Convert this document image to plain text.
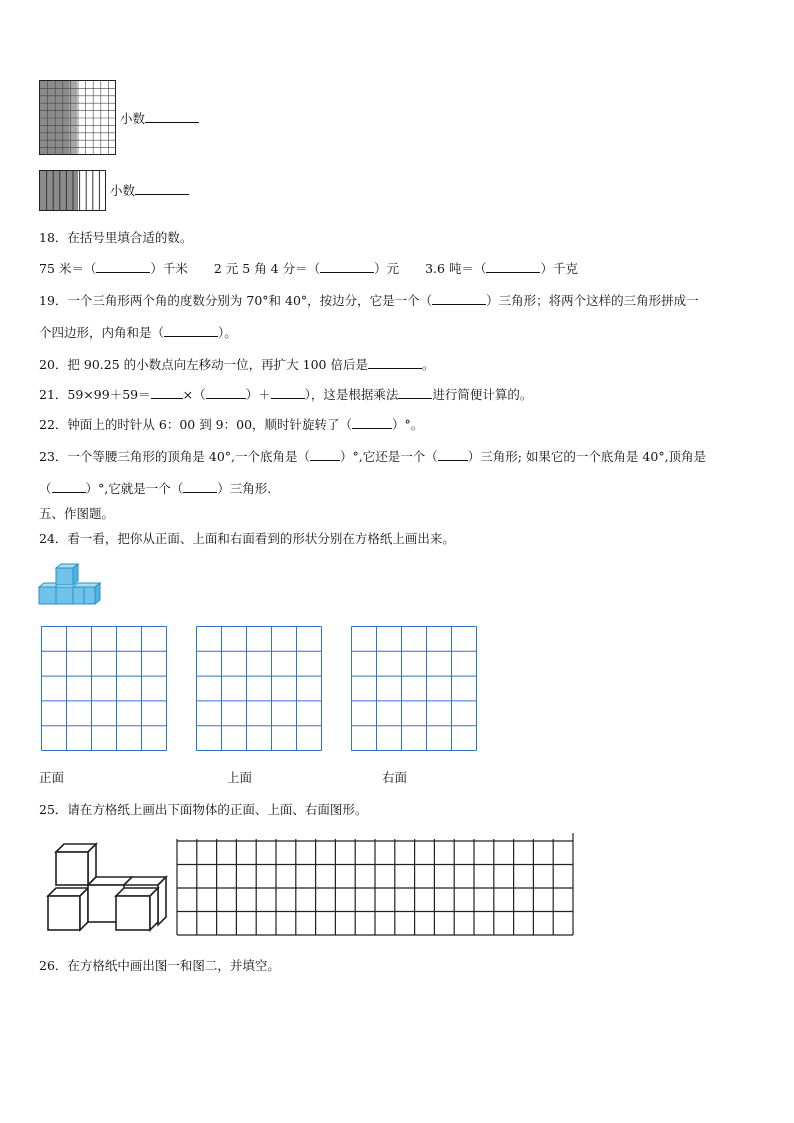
小数
小数
18．在括号里填合适的数。
75 米＝（	）千米 2 元 5 角 4 分＝（	）元 3.6 吨＝（	）千克
19．一个三角形两个角的度数分别为 70°和 40°，按边分，它是一个（	）三角形；将两个这样的三角形拼成一
个四边形，内角和是（	）。
20．把 90.25 的小数点向左移动一位，再扩大 100 倍后是	。
21．59×99＋59＝	×（	）＋	），这是根据乘法	进行简便计算的。
22．钟面上的时针从 6：00 到 9：00，顺时针旋转了（	）°。
23．一个等腰三角形的顶角是 40°,一个底角是（ ）°,它还是一个（ ）三角形; 如果它的一个底角是 40°,顶角是
（	）°,它就是一个（	）三角形.
五、作图题。
24．看一看，把你从正面、上面和右面看到的形状分别在方格纸上画出来。
正面	上面	右面
25．请在方格纸上画出下面物体的正面、上面、右面图形。
26．在方格纸中画出图一和图二，并填空。
